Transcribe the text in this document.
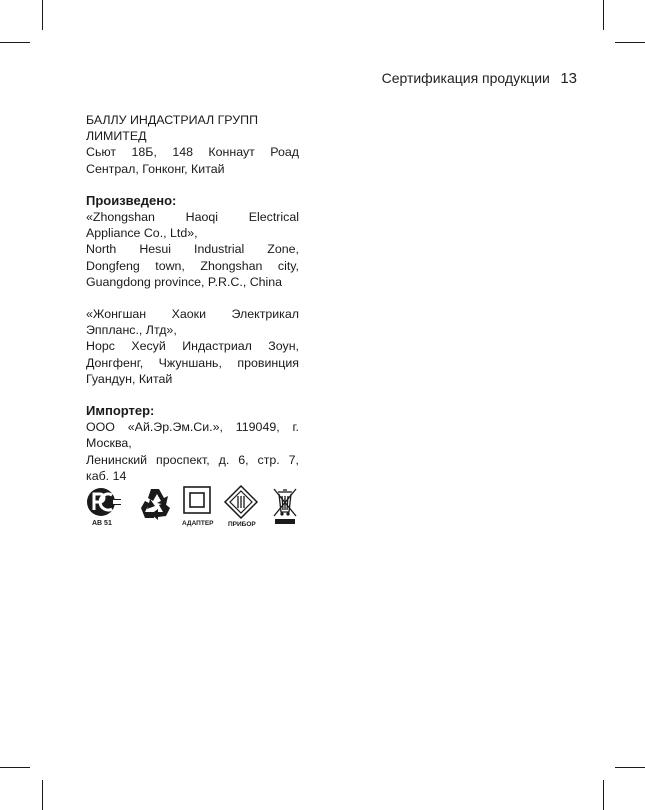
Сертификация продукции 13

БАЛЛУ ИНДАСТРИАЛ ГРУПП

ЛИМИТЕД

Сьют 18Б, 148 Коннаут Роад

Сентрал, Гонконг, Китай

Произведено:

«Zhongshan Haoqi Electrical

Appliance Co., Ltd»,

North Hesui Industrial Zone,

Dongfeng town, Zhongshan city,

Guangdong province, P.R.C., China

«Жонгшан Хаоки Электрикал

Эппланс., Лтд»,

Норс Хесуй Индастриал Зоун,

Донгфенг, Чжуншань, провинция

Гуандун, Китай

Импортер:

ООО «Ай.Эр.Эм.Си.», 119049, г.

Москва,

Ленинский проспект, д. 6, стр. 7,

каб. 14

АВ 51	АДАПТЕР ПРИБОР
